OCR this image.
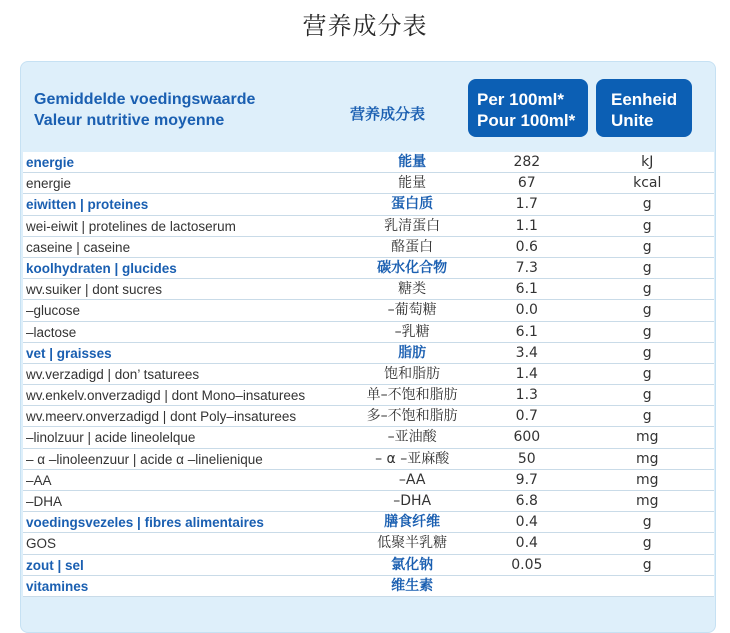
营养成分表
Gemiddelde voedingswaarde
Valeur nutritive moyenne	营养成分表
Per 100ml*
Pour 100ml*
Eenheid
Unite
energie	能量	282	kJ
energie	能量	67	kcal
eiwitten | proteines	蛋白质	1.7	g
wei-eiwit | protelines de lactoserum	乳清蛋白	1.1	g
caseine | caseine	酪蛋白	0.6	g
koolhydraten | glucides	碳水化合物	7.3	g
wv.suiker | dont sucres	糖类	6.1	g
–glucose	–葡萄糖	0.0	g
–lactose	–乳糖	6.1	g
vet | graisses	脂肪	3.4	g
wv.verzadigd | don’ tsaturees	饱和脂肪	1.4	g
wv.enkelv.onverzadigd | dont Mono–insaturees	单–不饱和脂肪	1.3	g
wv.meerv.onverzadigd | dont Poly–insaturees	多–不饱和脂肪	0.7	g
–linolzuur | acide lineolelque	–亚油酸	600	mg
– α –linoleenzuur | acide α –linelienique	– α –亚麻酸	50	mg
–AA	–AA	9.7	mg
–DHA	–DHA	6.8	mg
voedingsvezeles | fibres alimentaires	膳食纤维	0.4	g
GOS	低聚半乳糖	0.4	g
zout | sel	氯化钠	0.05	g
vitamines	维生素
